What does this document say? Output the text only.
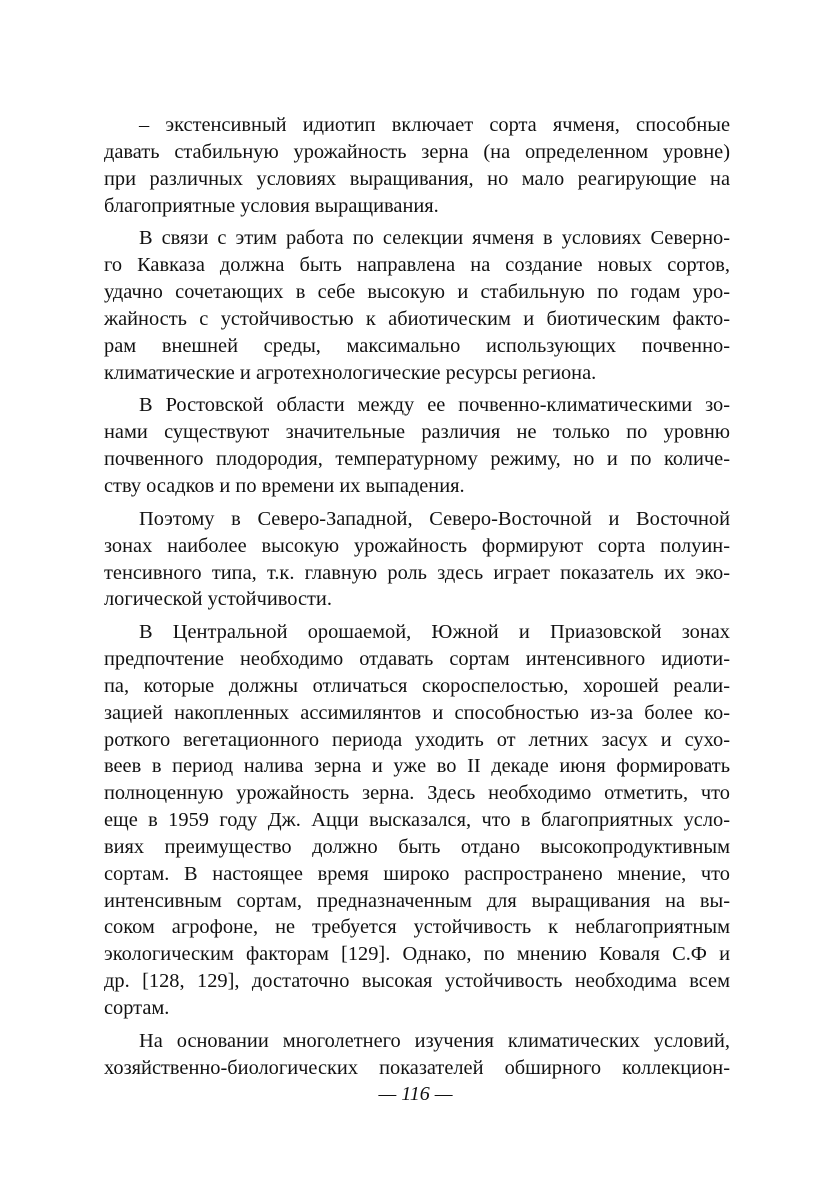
– экстенсивный идиотип включает сорта ячменя, способные
давать стабильную урожайность зерна (на определенном уровне)
при различных условиях выращивания, но мало реагирующие на
благоприятные условия выращивания.
В связи с этим работа по селекции ячменя в условиях Северно-
го Кавказа должна быть направлена на создание новых сортов,
удачно сочетающих в себе высокую и стабильную по годам уро-
жайность с устойчивостью к абиотическим и биотическим факто-
рам внешней среды, максимально использующих почвенно-
климатические и агротехнологические ресурсы региона.
В Ростовской области между ее почвенно-климатическими зо-
нами существуют значительные различия не только по уровню
почвенного плодородия, температурному режиму, но и по количе-
ству осадков и по времени их выпадения.
Поэтому в Северо-Западной, Северо-Восточной и Восточной
зонах наиболее высокую урожайность формируют сорта полуин-
тенсивного типа, т.к. главную роль здесь играет показатель их эко-
логической устойчивости.
В Центральной орошаемой, Южной и Приазовской зонах
предпочтение необходимо отдавать сортам интенсивного идиоти-
па, которые должны отличаться скороспелостью, хорошей реали-
зацией накопленных ассимилянтов и способностью из-за более ко-
роткого вегетационного периода уходить от летних засух и сухо-
веев в период налива зерна и уже во II декаде июня формировать
полноценную урожайность зерна. Здесь необходимо отметить, что
еще в 1959 году Дж. Ацци высказался, что в благоприятных усло-
виях преимущество должно быть отдано высокопродуктивным
сортам. В настоящее время широко распространено мнение, что
интенсивным сортам, предназначенным для выращивания на вы-
соком агрофоне, не требуется устойчивость к неблагоприятным
экологическим факторам [129]. Однако, по мнению Коваля С.Ф и
др. [128, 129], достаточно высокая устойчивость необходима всем
сортам.
На основании многолетнего изучения климатических условий,
хозяйственно-биологических показателей обширного коллекцион-
— 116 —
